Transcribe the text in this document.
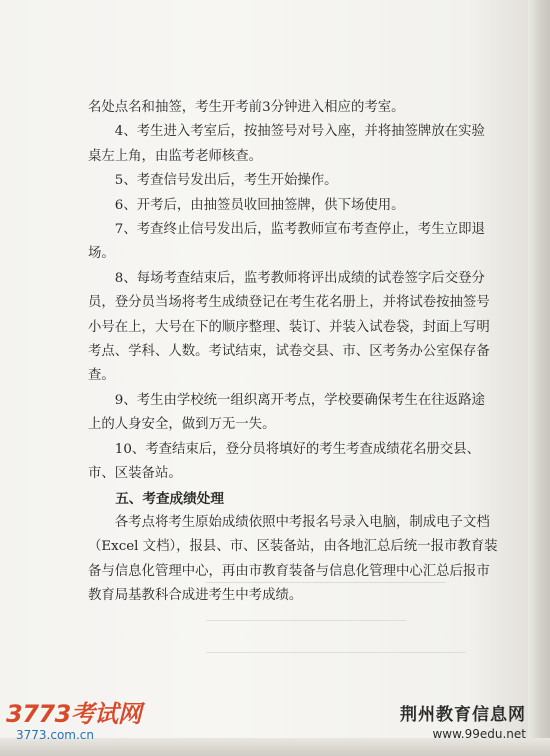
名处点名和抽签，考生开考前3分钟进入相应的考室。

4、考生进入考室后，按抽签号对号入座，并将抽签牌放在实验桌左上角，由监考老师核查。

5、考查信号发出后，考生开始操作。

6、开考后，由抽签员收回抽签牌，供下场使用。

7、考查终止信号发出后，监考教师宣布考查停止，考生立即退场。

8、每场考查结束后，监考教师将评出成绩的试卷签字后交登分员，登分员当场将考生成绩登记在考生花名册上，并将试卷按抽签号小号在上，大号在下的顺序整理、装订、并装入试卷袋，封面上写明考点、学科、人数。考试结束，试卷交县、市、区考务办公室保存备查。

9、考生由学校统一组织离开考点，学校要确保考生在往返路途上的人身安全，做到万无一失。

10、考查结束后，登分员将填好的考生考查成绩花名册交县、市、区装备站。

五、考查成绩处理

各考点将考生原始成绩依照中考报名号录入电脑，制成电子文档（Excel 文档），报县、市、区装备站，由各地汇总后统一报市教育装备与信息化管理中心，再由市教育装备与信息化管理中心汇总后报市教育局基教科合成进考生中考成绩。

3773考试网
3773.com.cn
荆州教育信息网
www.99edu.net
